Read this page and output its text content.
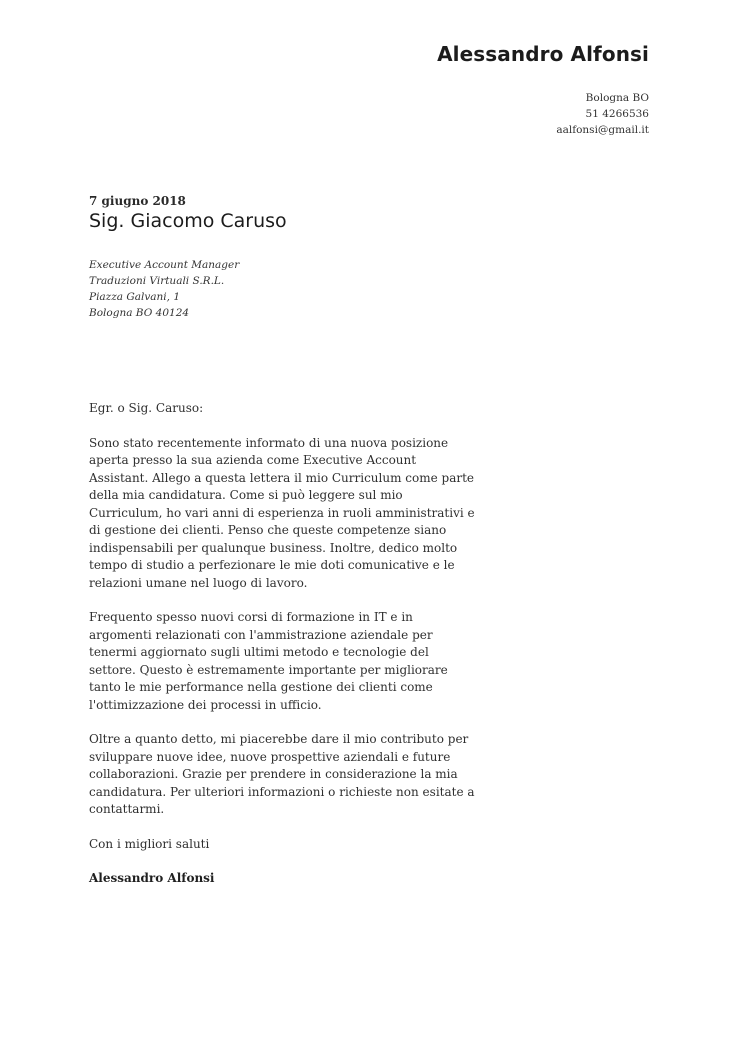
Alessandro Alfonsi
Bologna BO
51 4266536
aalfonsi@gmail.it
7 giugno 2018
Sig. Giacomo Caruso
Executive Account Manager
Traduzioni Virtuali S.R.L.
Piazza Galvani, 1
Bologna BO 40124

Egr. o Sig. Caruso:

Sono stato recentemente informato di una nuova posizione aperta presso la sua azienda come Executive Account Assistant. Allego a questa lettera il mio Curriculum come parte della mia candidatura. Come si può leggere sul mio Curriculum, ho vari anni di esperienza in ruoli amministrativi e di gestione dei clienti. Penso che queste competenze siano indispensabili per qualunque business. Inoltre, dedico molto tempo di studio a perfezionare le mie doti comunicative e le relazioni umane nel luogo di lavoro.

Frequento spesso nuovi corsi di formazione in IT e in argomenti relazionati con l'ammistrazione aziendale per tenermi aggiornato sugli ultimi metodo e tecnologie del settore. Questo è estremamente importante per migliorare tanto le mie performance nella gestione dei clienti come l'ottimizzazione dei processi in ufficio.

Oltre a quanto detto, mi piacerebbe dare il mio contributo per sviluppare nuove idee, nuove prospettive aziendali e future collaborazioni. Grazie per prendere in considerazione la mia candidatura. Per ulteriori informazioni o richieste non esitate a contattarmi.

Con i migliori saluti

Alessandro Alfonsi
